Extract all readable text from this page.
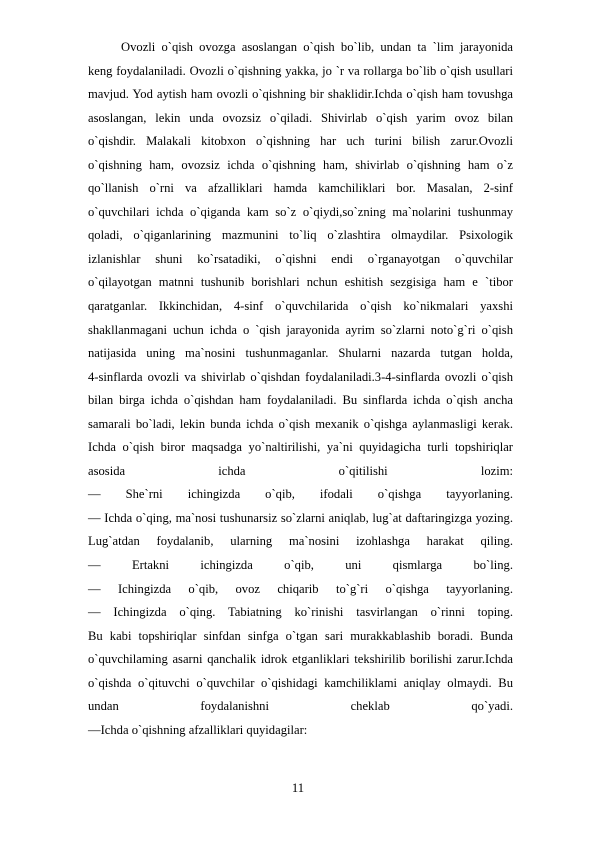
Ovozli o`qish ovozga asoslangan o`qish bo`lib, undan ta `lim jarayonida
keng foydalaniladi. Ovozli o`qishning yakka, jo `r va rollarga bo`lib o`qish usullari
mavjud. Yod aytish ham ovozli o`qishning bir shaklidir.Ichda o`qish ham tovushga
asoslangan, lekin unda ovozsiz o`qiladi. Shivirlab o`qish yarim ovoz bilan
o`qishdir. Malakali kitobxon o`qishning har uch turini bilish zarur.Ovozli
o`qishning ham, ovozsiz ichda o`qishning ham, shivirlab o`qishning ham o`z
qo`llanish o`rni va afzalliklari hamda kamchiliklari bor. Masalan, 2-sinf
o`quvchilari ichda o`qiganda kam so`z o`qiydi,so`zning ma`nolarini tushunmay
qoladi, o`qiganlarining mazmunini to`liq o`zlashtira olmaydilar. Psixologik
izlanishlar shuni ko`rsatadiki, o`qishni endi o`rganayotgan o`quvchilar
o`qilayotgan matnni tushunib borishlari nchun eshitish sezgisiga ham e `tibor
qaratganlar. Ikkinchidan, 4-sinf o`quvchilarida o`qish ko`nikmalari yaxshi
shakllanmagani uchun ichda o `qish jarayonida ayrim so`zlarni noto`g`ri o`qish
natijasida uning ma`nosini tushunmaganlar. Shularni nazarda tutgan holda,
4-sinflarda ovozli va shivirlab o`qishdan foydalaniladi.3-4-sinflarda ovozli o`qish
bilan birga ichda o`qishdan ham foydalaniladi. Bu sinflarda ichda o`qish ancha
samarali bo`ladi, lekin bunda ichda o`qish mexanik o`qishga aylanmasligi kerak.
Ichda o`qish biror maqsadga yo`naltirilishi, ya`ni quyidagicha turli topshiriqlar
asosida ichda o`qitilishi lozim:
— She`rni ichingizda o`qib, ifodali o`qishga tayyorlaning.
— Ichda o`qing, ma`nosi tushunarsiz so`zlarni aniqlab, lug`at daftaringizga yozing.
Lug`atdan foydalanib, ularning ma`nosini izohlashga harakat qiling.
— Ertakni ichingizda o`qib, uni qismlarga bo`ling.
— Ichingizda o`qib, ovoz chiqarib to`g`ri o`qishga tayyorlaning.
— Ichingizda o`qing. Tabiatning ko`rinishi tasvirlangan o`rinni toping.
Bu kabi topshiriqlar sinfdan sinfga o`tgan sari murakkablashib boradi. Bunda
o`quvchilaming asarni qanchalik idrok etganliklari tekshirilib borilishi zarur.Ichda
o`qishda o`qituvchi o`quvchilar o`qishidagi kamchiliklami aniqlay olmaydi. Bu
undan foydalanishni cheklab qo`yadi.
—Ichda o`qishning afzalliklari quyidagilar:
11
